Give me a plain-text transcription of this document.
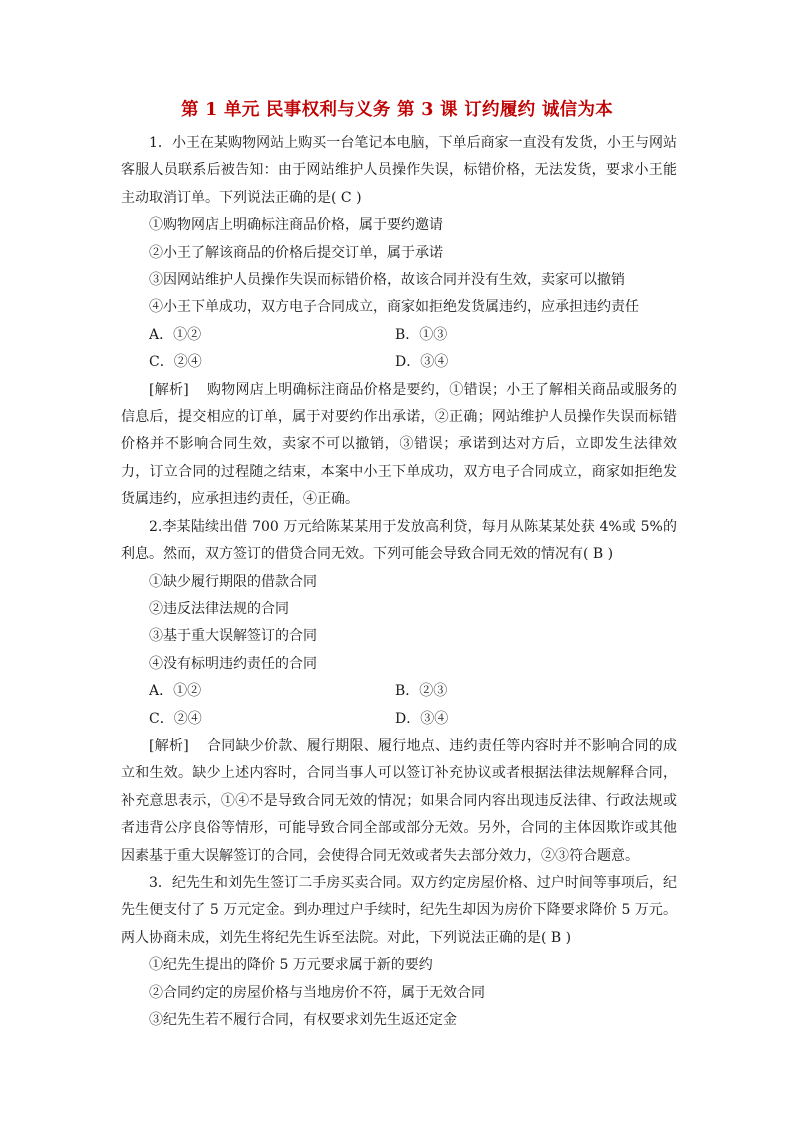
第 1 单元 民事权利与义务 第 3 课 订约履约 诚信为本

1．小王在某购物网站上购买一台笔记本电脑，下单后商家一直没有发货，小王与网站客服人员联系后被告知：由于网站维护人员操作失误，标错价格，无法发货，要求小王能主动取消订单。下列说法正确的是( C )

①购物网店上明确标注商品价格，属于要约邀请

②小王了解该商品的价格后提交订单，属于承诺

③因网站维护人员操作失误而标错价格，故该合同并没有生效，卖家可以撤销

④小王下单成功，双方电子合同成立，商家如拒绝发货属违约，应承担违约责任

A．①②	B．①③
C．②④	D．③④

[解析] 购物网店上明确标注商品价格是要约，①错误；小王了解相关商品或服务的信息后，提交相应的订单，属于对要约作出承诺，②正确；网站维护人员操作失误而标错价格并不影响合同生效，卖家不可以撤销，③错误；承诺到达对方后，立即发生法律效力，订立合同的过程随之结束，本案中小王下单成功，双方电子合同成立，商家如拒绝发货属违约，应承担违约责任，④正确。

2.李某陆续出借 700 万元给陈某某用于发放高利贷，每月从陈某某处获 4%或 5%的利息。然而，双方签订的借贷合同无效。下列可能会导致合同无效的情况有( B )

①缺少履行期限的借款合同

②违反法律法规的合同

③基于重大误解签订的合同

④没有标明违约责任的合同

A．①②	B．②③
C．②④	D．③④

[解析] 合同缺少价款、履行期限、履行地点、违约责任等内容时并不影响合同的成立和生效。缺少上述内容时，合同当事人可以签订补充协议或者根据法律法规解释合同，补充意思表示，①④不是导致合同无效的情况；如果合同内容出现违反法律、行政法规或者违背公序良俗等情形，可能导致合同全部或部分无效。另外，合同的主体因欺诈或其他因素基于重大误解签订的合同，会使得合同无效或者失去部分效力，②③符合题意。

3．纪先生和刘先生签订二手房买卖合同。双方约定房屋价格、过户时间等事项后，纪先生便支付了 5 万元定金。到办理过户手续时，纪先生却因为房价下降要求降价 5 万元。两人协商未成，刘先生将纪先生诉至法院。对此，下列说法正确的是( B )

①纪先生提出的降价 5 万元要求属于新的要约

②合同约定的房屋价格与当地房价不符，属于无效合同

③纪先生若不履行合同，有权要求刘先生返还定金
